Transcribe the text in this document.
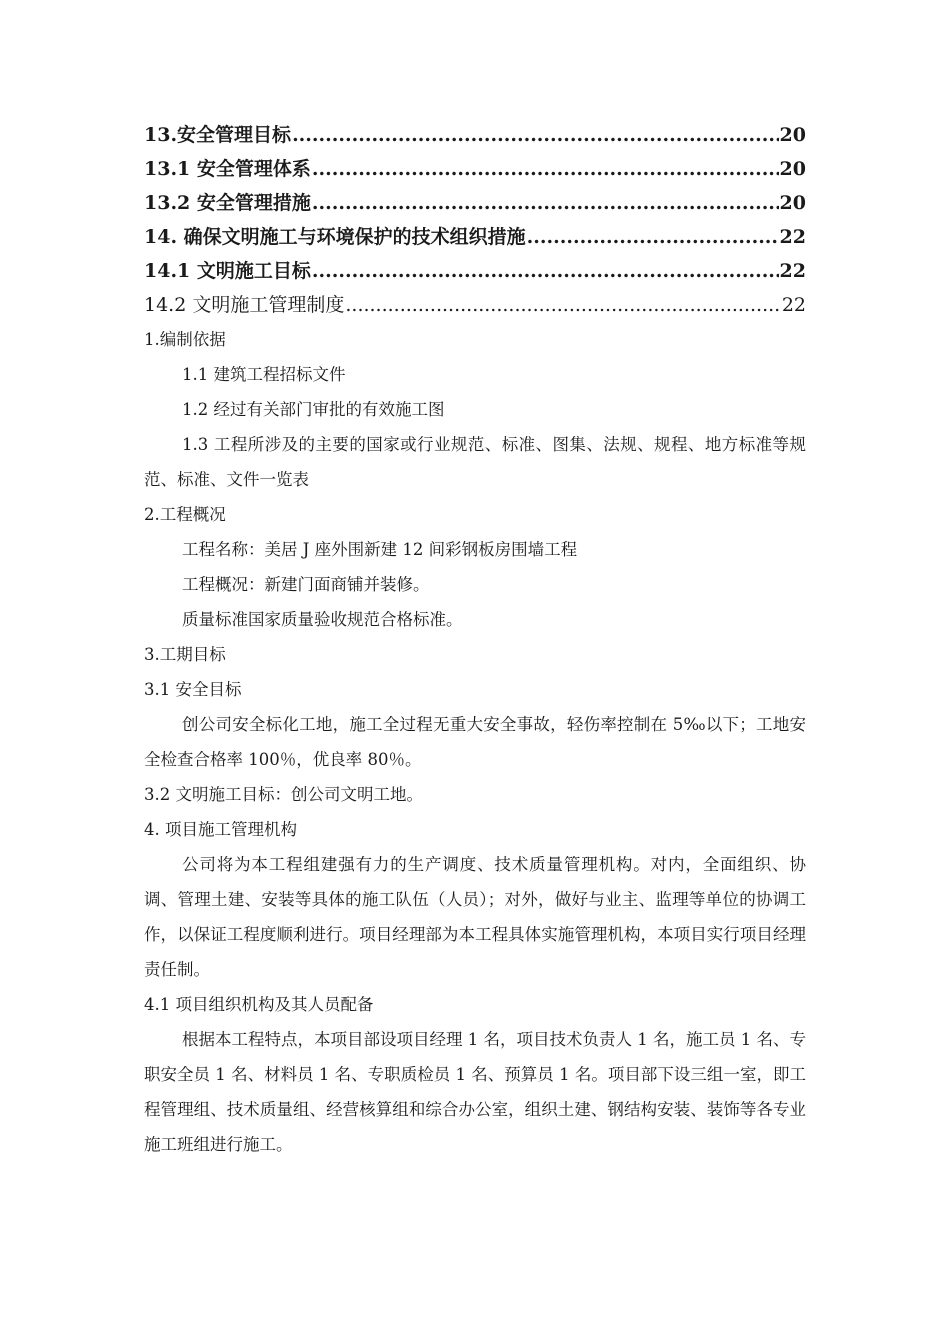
13.安全管理目标 .....	20
13.1 安全管理体系 .....	20
13.2 安全管理措施 .....	20
14. 确保文明施工与环境保护的技术组织措施 .....	22
14.1 文明施工目标 .....	22
14.2 文明施工管理制度 .....	22

1.编制依据

1.1 建筑工程招标文件

1.2 经过有关部门审批的有效施工图

1.3 工程所涉及的主要的国家或行业规范、标准、图集、法规、规程、地方标准等规范、标准、文件一览表

2.工程概况

工程名称：美居 J 座外围新建 12 间彩钢板房围墙工程

工程概况：新建门面商铺并装修。

质量标准国家质量验收规范合格标准。

3.工期目标

3.1 安全目标

创公司安全标化工地，施工全过程无重大安全事故，轻伤率控制在 5‰以下；工地安全检查合格率 100％，优良率 80％。

3.2 文明施工目标：创公司文明工地。

4. 项目施工管理机构

公司将为本工程组建强有力的生产调度、技术质量管理机构。对内，全面组织、协调、管理土建、安装等具体的施工队伍（人员）；对外，做好与业主、监理等单位的协调工作，以保证工程度顺利进行。项目经理部为本工程具体实施管理机构，本项目实行项目经理责任制。

4.1 项目组织机构及其人员配备

根据本工程特点，本项目部设项目经理 1 名，项目技术负责人 1 名，施工员 1 名、专职安全员 1 名、材料员 1 名、专职质检员 1 名、预算员 1 名。项目部下设三组一室，即工程管理组、技术质量组、经营核算组和综合办公室，组织土建、钢结构安装、装饰等各专业施工班组进行施工。
